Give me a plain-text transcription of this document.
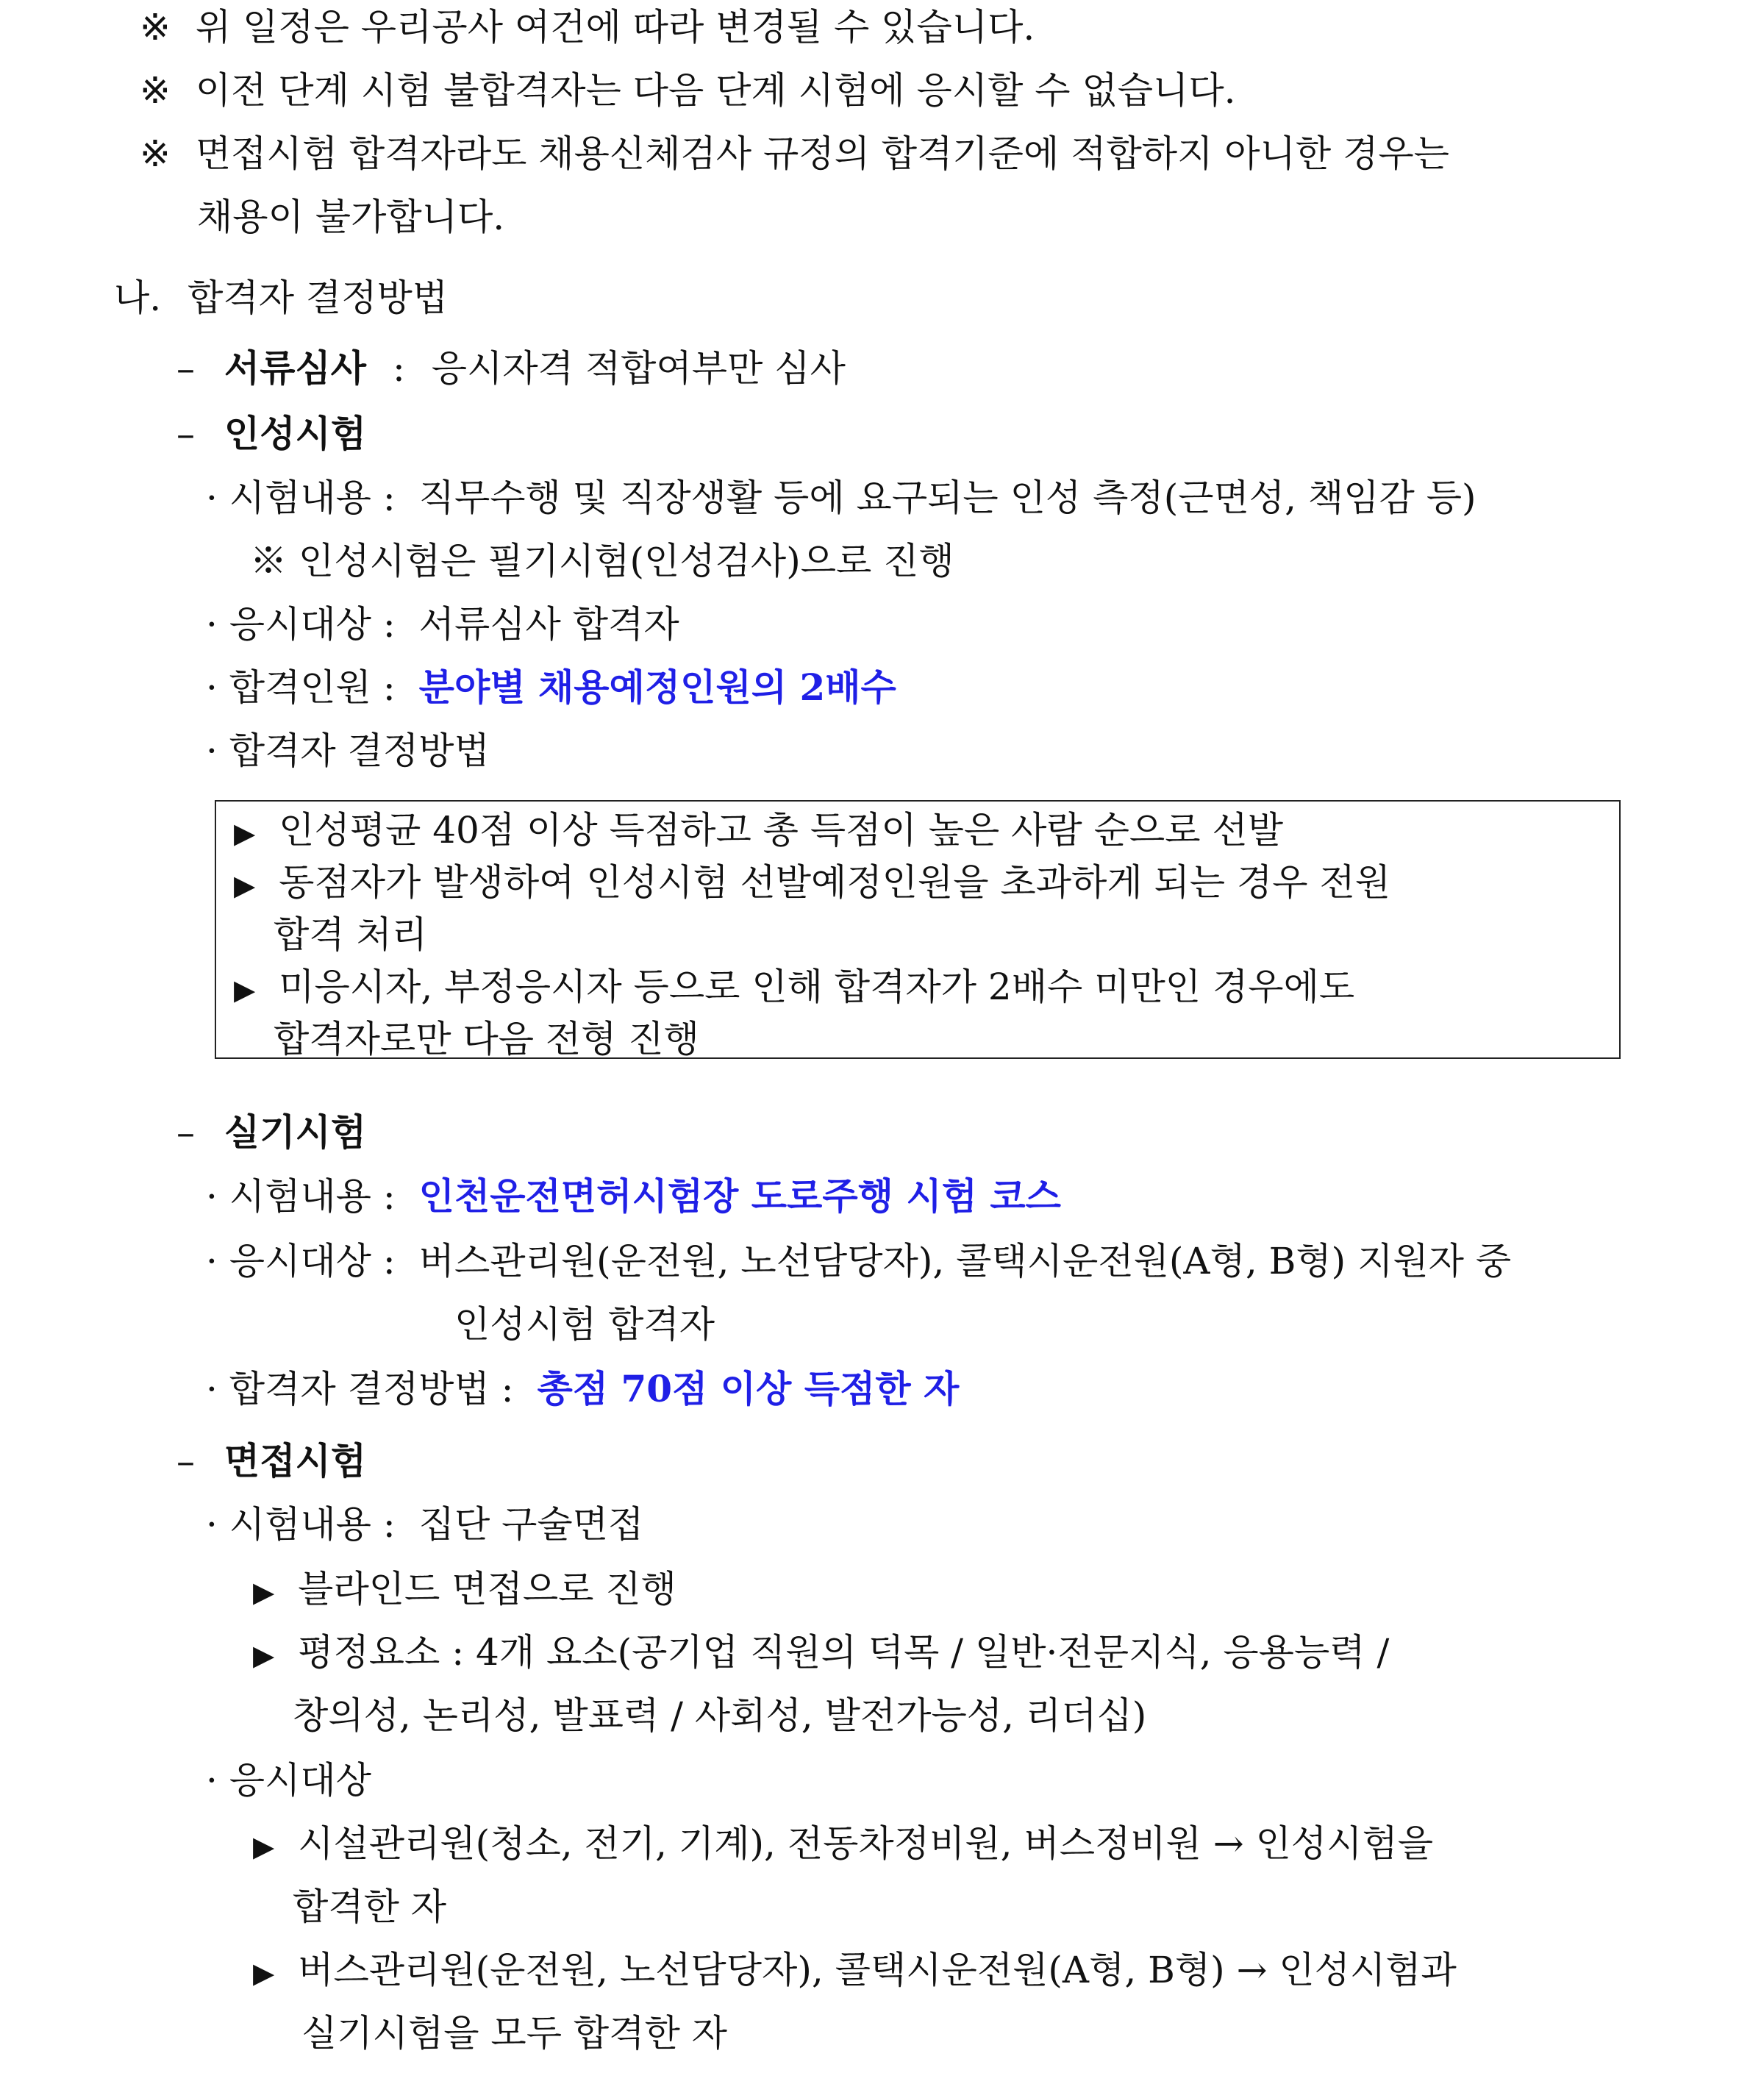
※ 위 일정은 우리공사 여건에 따라 변경될 수 있습니다.
※ 이전 단계 시험 불합격자는 다음 단계 시험에 응시할 수 없습니다.
※ 면접시험 합격자라도 채용신체검사 규정의 합격기준에 적합하지 아니한 경우는
채용이 불가합니다.
나. 합격자 결정방법
– 서류심사 : 응시자격 적합여부만 심사
– 인성시험
· 시험내용 : 직무수행 및 직장생활 등에 요구되는 인성 측정(근면성, 책임감 등)
※ 인성시험은 필기시험(인성검사)으로 진행
· 응시대상 : 서류심사 합격자
· 합격인원 : 분야별 채용예정인원의 2배수
· 합격자 결정방법
▶ 인성평균 40점 이상 득점하고 총 득점이 높은 사람 순으로 선발
▶ 동점자가 발생하여 인성시험 선발예정인원을 초과하게 되는 경우 전원
합격 처리
▶ 미응시자, 부정응시자 등으로 인해 합격자가 2배수 미만인 경우에도
합격자로만 다음 전형 진행
– 실기시험
· 시험내용 : 인천운전면허시험장 도로주행 시험 코스
· 응시대상 : 버스관리원(운전원, 노선담당자), 콜택시운전원(A형, B형) 지원자 중
인성시험 합격자
· 합격자 결정방법 : 총점 70점 이상 득점한 자
– 면접시험
· 시험내용 : 집단 구술면접
▶ 블라인드 면접으로 진행
▶ 평정요소 : 4개 요소(공기업 직원의 덕목 / 일반·전문지식, 응용능력 /
창의성, 논리성, 발표력 / 사회성, 발전가능성, 리더십)
· 응시대상
▶ 시설관리원(청소, 전기, 기계), 전동차정비원, 버스정비원 → 인성시험을
합격한 자
▶ 버스관리원(운전원, 노선담당자), 콜택시운전원(A형, B형) → 인성시험과
실기시험을 모두 합격한 자
